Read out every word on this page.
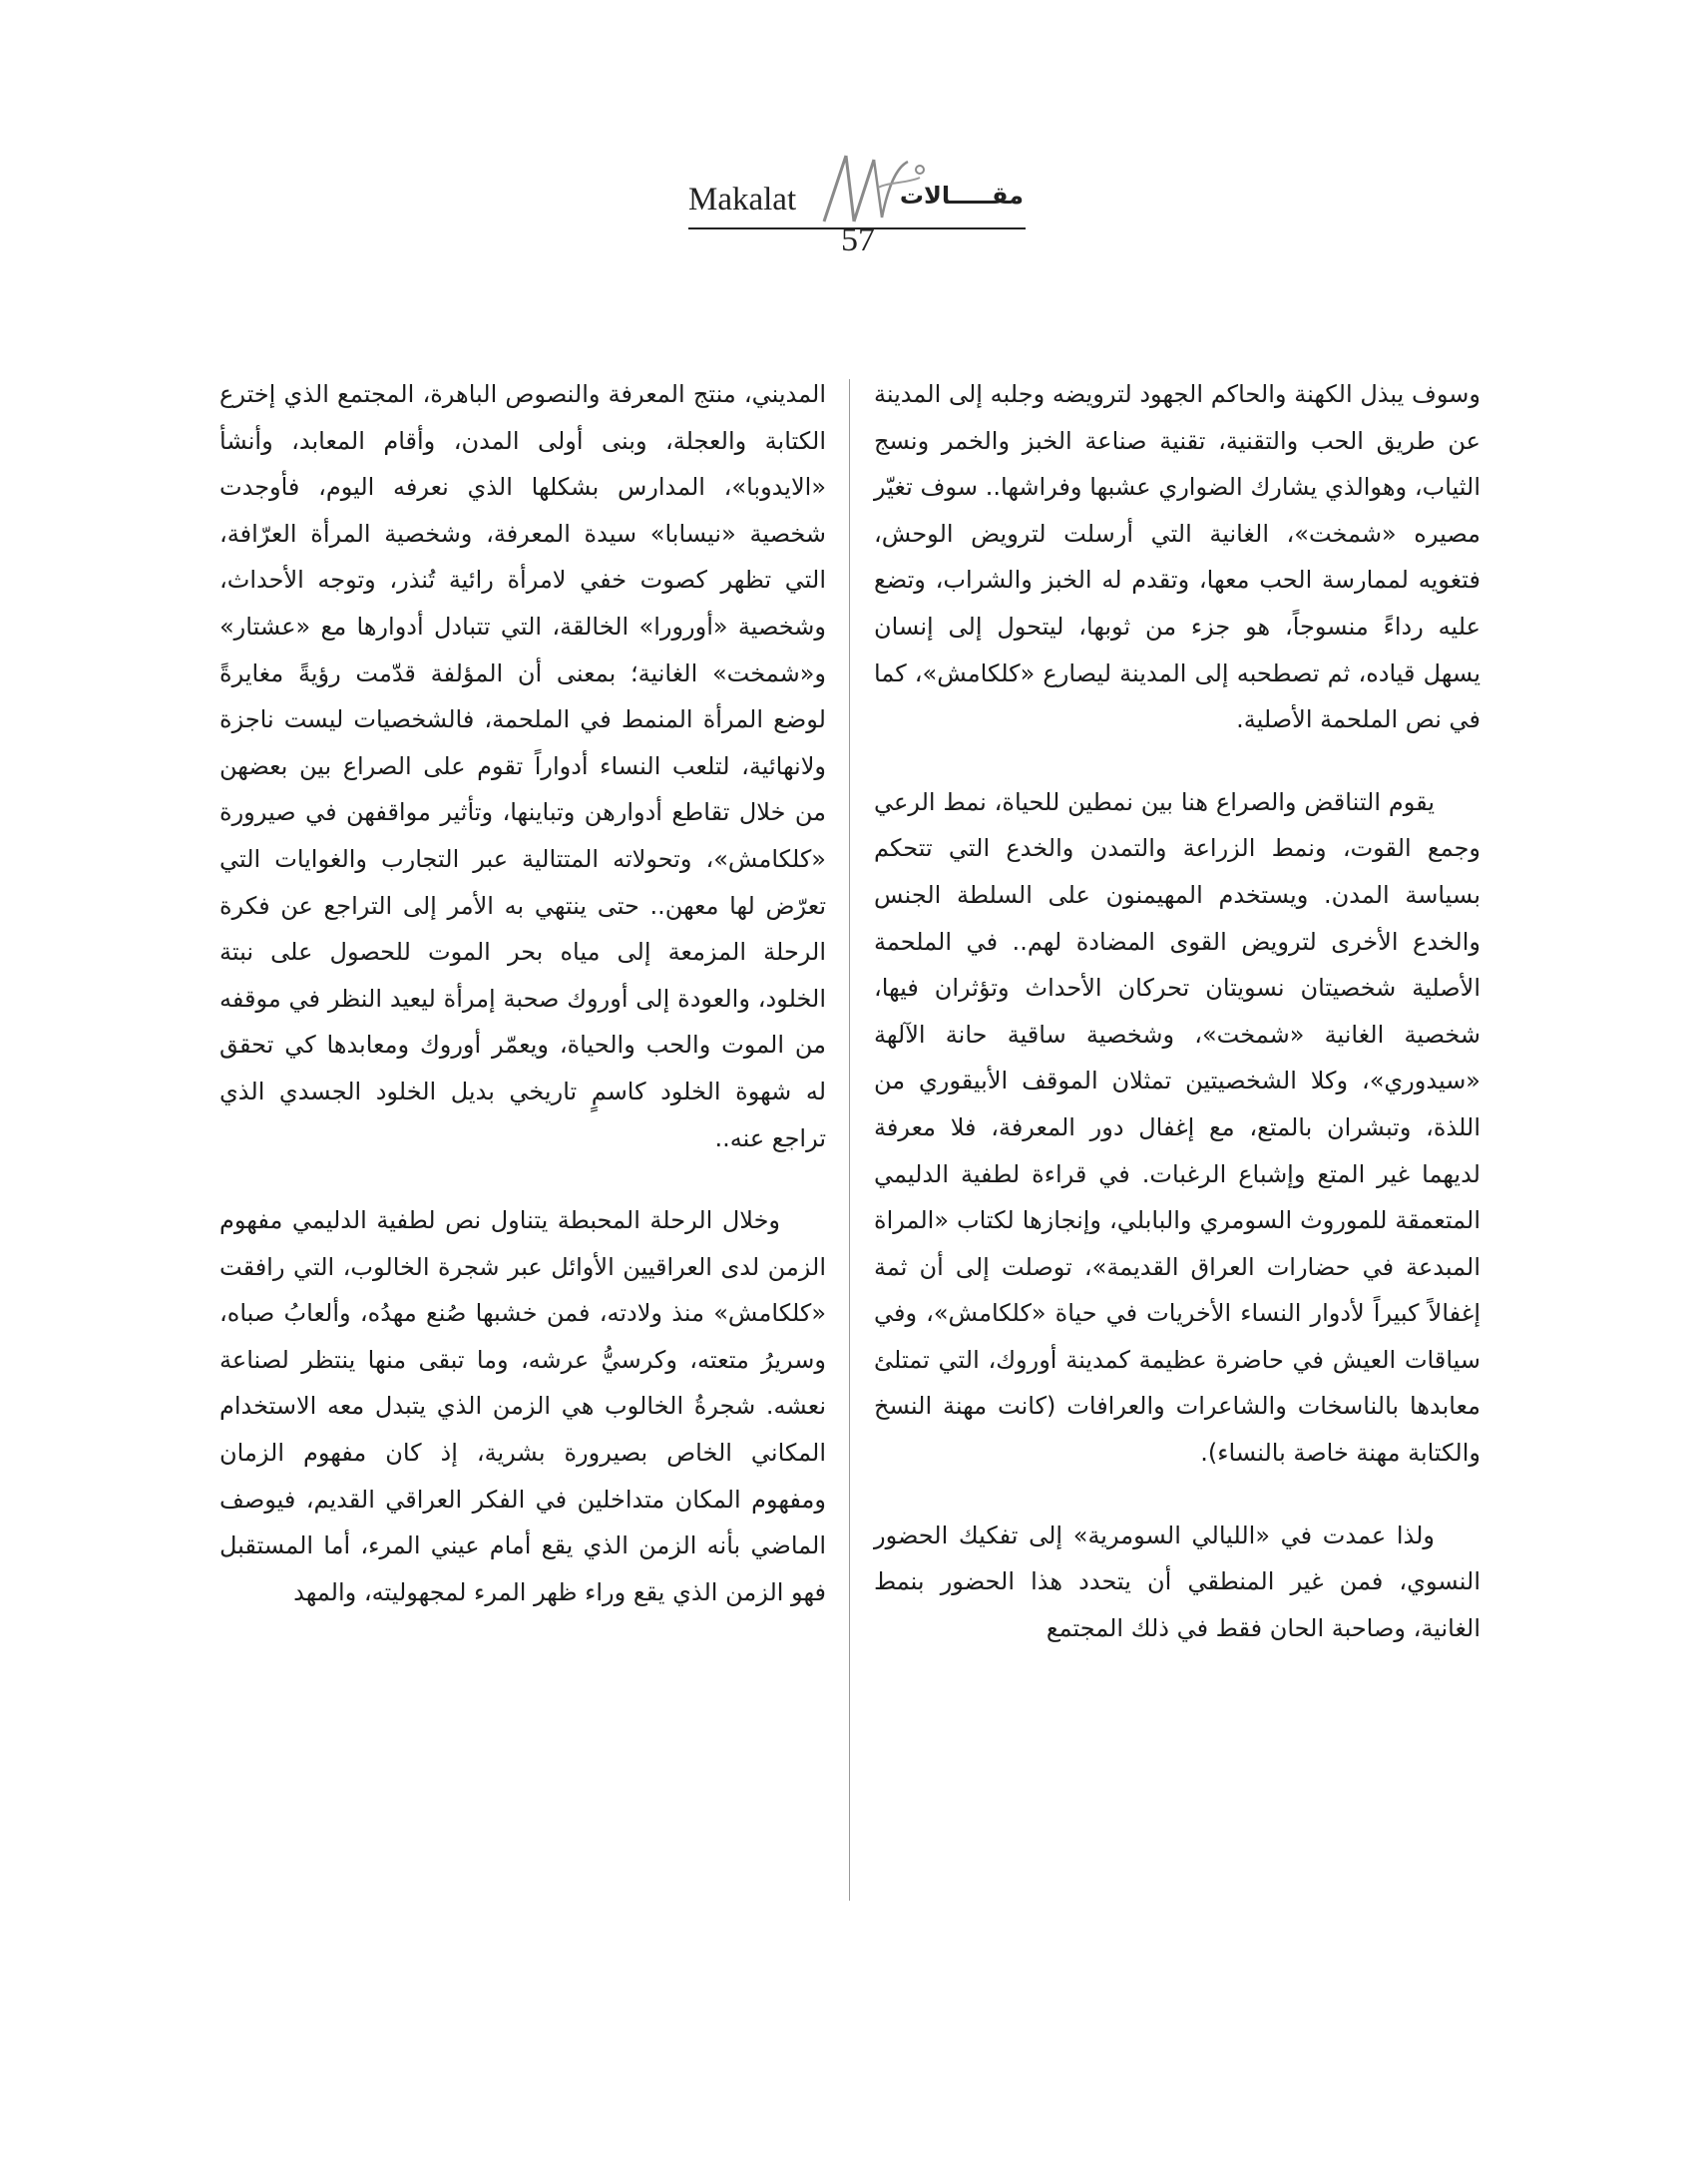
Makalat	مقـــــالات
57

وسوف يبذل الكهنة والحاكم الجهود لترويضه وجلبه إلى المدينة عن طريق الحب والتقنية، تقنية صناعة الخبز والخمر ونسج الثياب، وهوالذي يشارك الضواري عشبها وفراشها.. سوف تغيّر مصيره «شمخت»، الغانية التي أرسلت لترويض الوحش، فتغويه لممارسة الحب معها، وتقدم له الخبز والشراب، وتضع عليه رداءً منسوجاً، هو جزء من ثوبها، ليتحول إلى إنسان يسهل قياده، ثم تصطحبه إلى المدينة ليصارع «كلكامش»، كما في نص الملحمة الأصلية.

يقوم التناقض والصراع هنا بين نمطين للحياة، نمط الرعي وجمع القوت، ونمط الزراعة والتمدن والخدع التي تتحكم بسياسة المدن. ويستخدم المهيمنون على السلطة الجنس والخدع الأخرى لترويض القوى المضادة لهم.. في الملحمة الأصلية شخصيتان نسويتان تحركان الأحداث وتؤثران فيها، شخصية الغانية «شمخت»، وشخصية ساقية حانة الآلهة «سيدوري»، وكلا الشخصيتين تمثلان الموقف الأبيقوري من اللذة، وتبشران بالمتع، مع إغفال دور المعرفة، فلا معرفة لديهما غير المتع وإشباع الرغبات. في قراءة لطفية الدليمي المتعمقة للموروث السومري والبابلي، وإنجازها لكتاب «المراة المبدعة في حضارات العراق القديمة»، توصلت إلى أن ثمة إغفالاً كبيراً لأدوار النساء الأخريات في حياة «كلكامش»، وفي سياقات العيش في حاضرة عظيمة كمدينة أوروك، التي تمتلئ معابدها بالناسخات والشاعرات والعرافات (كانت مهنة النسخ والكتابة مهنة خاصة بالنساء).

ولذا عمدت في «الليالي السومرية» إلى تفكيك الحضور النسوي، فمن غير المنطقي أن يتحدد هذا الحضور بنمط الغانية، وصاحبة الحان فقط في ذلك المجتمع

المديني، منتج المعرفة والنصوص الباهرة، المجتمع الذي إخترع الكتابة والعجلة، وبنى أولى المدن، وأقام المعابد، وأنشأ «الايدوبا»، المدارس بشكلها الذي نعرفه اليوم، فأوجدت شخصية «نيسابا» سيدة المعرفة، وشخصية المرأة العرّافة، التي تظهر كصوت خفي لامرأة رائية تُنذر، وتوجه الأحداث، وشخصية «أورورا» الخالقة، التي تتبادل أدوارها مع «عشتار» و«شمخت» الغانية؛ بمعنى أن المؤلفة قدّمت رؤيةً مغايرةً لوضع المرأة المنمط في الملحمة، فالشخصيات ليست ناجزة ولانهائية، لتلعب النساء أدواراً تقوم على الصراع بين بعضهن من خلال تقاطع أدوارهن وتباينها، وتأثير مواقفهن في صيرورة «كلكامش»، وتحولاته المتتالية عبر التجارب والغوايات التي تعرّض لها معهن.. حتى ينتهي به الأمر إلى التراجع عن فكرة الرحلة المزمعة إلى مياه بحر الموت للحصول على نبتة الخلود، والعودة إلى أوروك صحبة إمرأة ليعيد النظر في موقفه من الموت والحب والحياة، ويعمّر أوروك ومعابدها كي تحقق له شهوة الخلود كاسمٍ تاريخي بديل الخلود الجسدي الذي تراجع عنه..

وخلال الرحلة المحبطة يتناول نص لطفية الدليمي مفهوم الزمن لدى العراقيين الأوائل عبر شجرة الخالوب، التي رافقت «كلكامش» منذ ولادته، فمن خشبها صُنع مهدُه، وألعابُ صباه، وسريرُ متعته، وكرسيُّ عرشه، وما تبقى منها ينتظر لصناعة نعشه. شجرةُ الخالوب هي الزمن الذي يتبدل معه الاستخدام المكاني الخاص بصيرورة بشرية، إذ كان مفهوم الزمان ومفهوم المكان متداخلين في الفكر العراقي القديم، فيوصف الماضي بأنه الزمن الذي يقع أمام عيني المرء، أما المستقبل فهو الزمن الذي يقع وراء ظهر المرء لمجهوليته، والمهد
